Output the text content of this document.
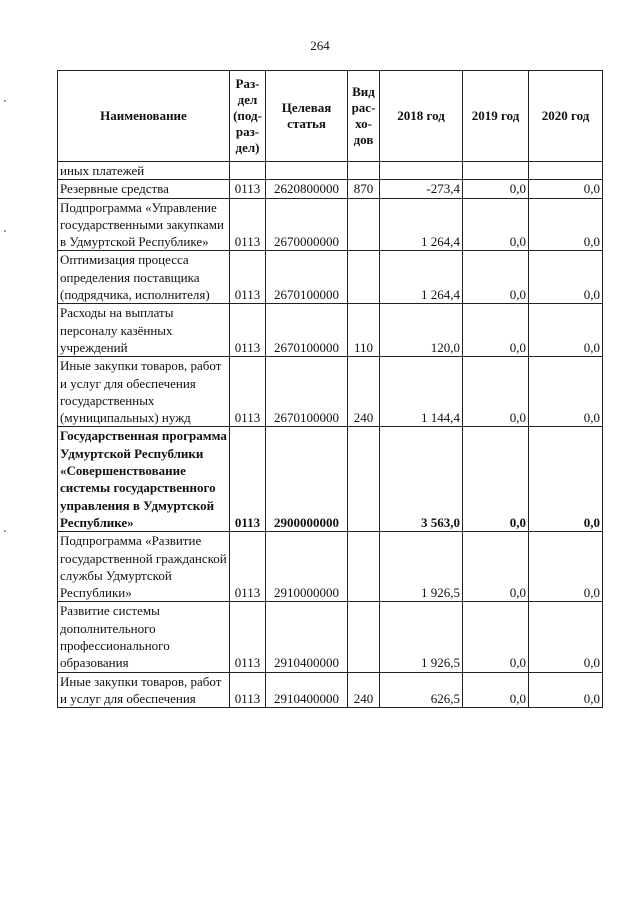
264
Наименование	Раз-
дел
(под-
раз-
дел)	Целевая
статья	Вид
рас-
хо-
дов	2018 год	2019 год	2020 год
иных платежей						
Резервные средства	0113	2620800000	870	-273,4	0,0	0,0
Подпрограмма «Управление государственными закупками в Удмуртской Республике»	0113	2670000000		1 264,4	0,0	0,0
Оптимизация процесса определения поставщика (подрядчика, исполнителя)	0113	2670100000		1 264,4	0,0	0,0
Расходы на выплаты персоналу казённых учреждений	0113	2670100000	110	120,0	0,0	0,0
Иные закупки товаров, работ и услуг для обеспечения государственных (муниципальных) нужд	0113	2670100000	240	1 144,4	0,0	0,0
Государственная программа Удмуртской Республики «Совершенствование системы государственного управления в Удмуртской Республике»	0113	2900000000		3 563,0	0,0	0,0
Подпрограмма «Развитие государственной гражданской службы Удмуртской Республики»	0113	2910000000		1 926,5	0,0	0,0
Развитие системы дополнительного профессионального образования	0113	2910400000		1 926,5	0,0	0,0
Иные закупки товаров, работ и услуг для обеспечения	0113	2910400000	240	626,5	0,0	0,0
